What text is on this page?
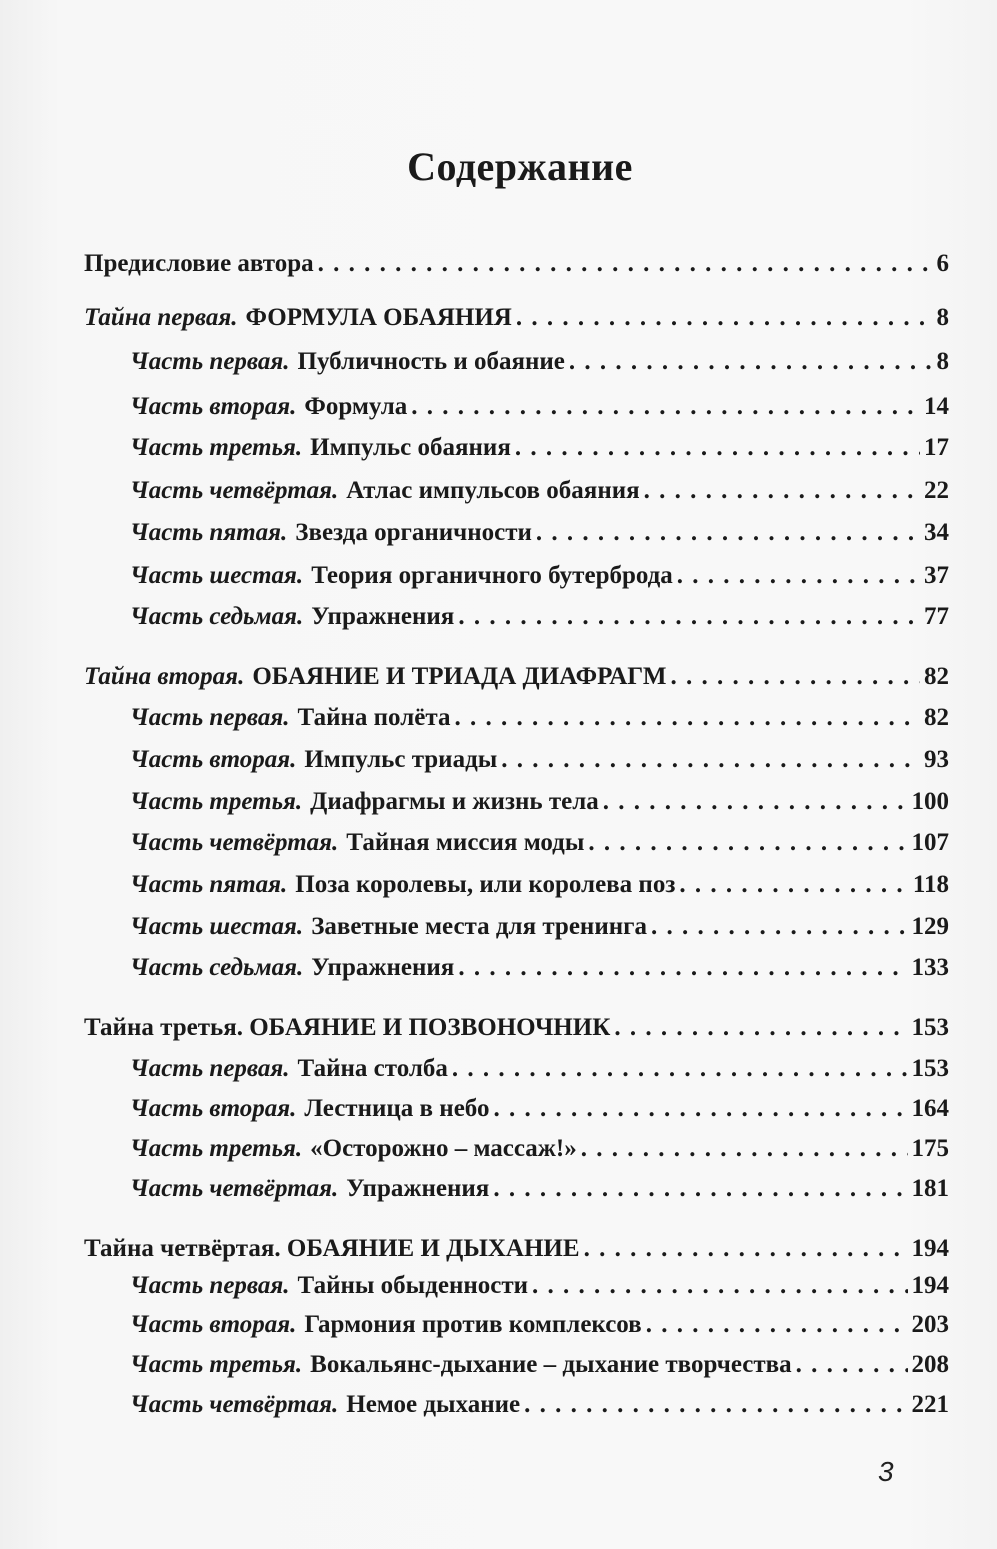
Содержание
Предисловие автора . . .	6
Тайна первая. ФОРМУЛА ОБАЯНИЯ . . .	8
Часть первая. Публичность и обаяние . . .	8
Часть вторая. Формула . . .	14
Часть третья. Импульс обаяния . . .	17
Часть четвёртая. Атлас импульсов обаяния . . .	22
Часть пятая. Звезда органичности . . .	34
Часть шестая. Теория органичного бутерброда . . .	37
Часть седьмая. Упражнения . . .	77
Тайна вторая. ОБАЯНИЕ И ТРИАДА ДИАФРАГМ . . .	82
Часть первая. Тайна полёта . . .	82
Часть вторая. Импульс триады . . .	93
Часть третья. Диафрагмы и жизнь тела . . .	100
Часть четвёртая. Тайная миссия моды . . .	107
Часть пятая. Поза королевы, или королева поз . . .	118
Часть шестая. Заветные места для тренинга . . .	129
Часть седьмая. Упражнения . . .	133
Тайна третья. ОБАЯНИЕ И ПОЗВОНОЧНИК . . .	153
Часть первая. Тайна столба . . .	153
Часть вторая. Лестница в небо . . .	164
Часть третья. «Осторожно – массаж!» . . .	175
Часть четвёртая. Упражнения . . .	181
Тайна четвёртая. ОБАЯНИЕ И ДЫХАНИЕ . . .	194
Часть первая. Тайны обыденности . . .	194
Часть вторая. Гармония против комплексов . . .	203
Часть третья. Вокальянс-дыхание – дыхание творчества . . .	208
Часть четвёртая. Немое дыхание . . .	221
3
